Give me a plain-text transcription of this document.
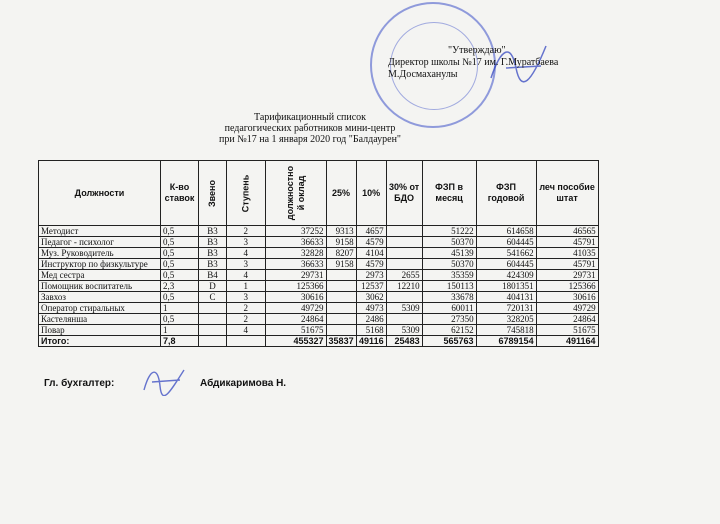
"Утверждаю"
Директор школы №17 им. Г.Муратбаева
М.Досмаханулы
Тарификационный список
педагогических работников мини-центр
при №17 на 1 января 2020 год "Балдаурен"
Должности	К-во ставок	Звено	Ступень	должностно й оклад	25%	10%	30% от БДО	ФЗП в месяц	ФЗП годовой	леч пособие штат
Методист	0,5	В3	2	37252	9313	4657		51222	614658	46565
Педагог - психолог	0,5	В3	3	36633	9158	4579		50370	604445	45791
Муз. Руководитель	0,5	В3	4	32828	8207	4104		45139	541662	41035
Инструктор по физкультуре	0,5	В3	3	36633	9158	4579		50370	604445	45791
Мед сестра	0,5	В4	4	29731		2973	2655	35359	424309	29731
Помощник воспитатель	2,3	D	1	125366		12537	12210	150113	1801351	125366
Завхоз	0,5	С	3	30616		3062		33678	404131	30616
Оператор стиральных	1		2	49729		4973	5309	60011	720131	49729
Кастелянша	0,5		2	24864		2486		27350	328205	24864
Повар	1		4	51675		5168	5309	62152	745818	51675
Итого:	7,8			455327	35837	49116	25483	565763	6789154	491164
Гл. бухгалтер:	Абдикаримова Н.
